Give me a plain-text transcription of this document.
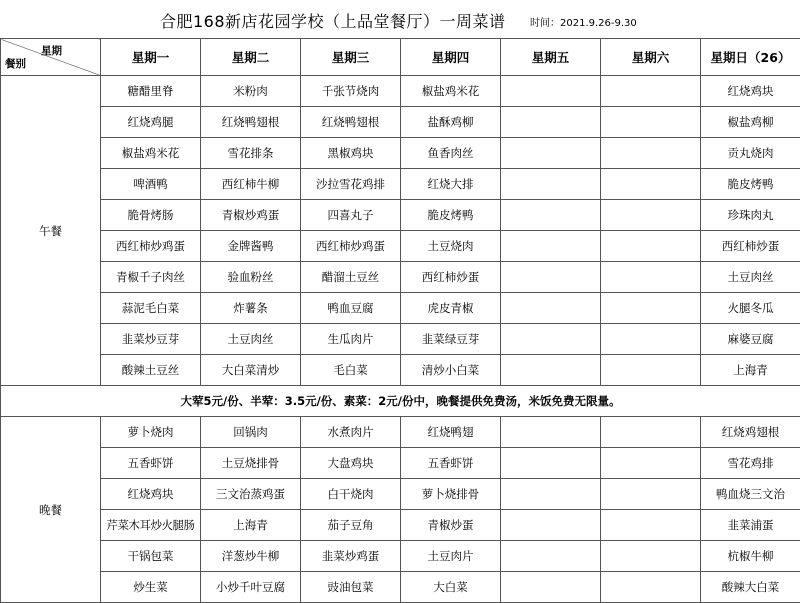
合肥168新店花园学校（上品堂餐厅）一周菜谱 时间：2021.9.26-9.30
星期
餐别	星期一	星期二	星期三	星期四	星期五	星期六	星期日（26）
午餐	糖醋里脊	米粉肉	千张节烧肉	椒盐鸡米花			红烧鸡块
	红烧鸡腿	红烧鸭翅根	红烧鸭翅根	盐酥鸡柳			椒盐鸡柳
	椒盐鸡米花	雪花排条	黑椒鸡块	鱼香肉丝			贡丸烧肉
	啤酒鸭	西红柿牛柳	沙拉雪花鸡排	红烧大排			脆皮烤鸭
	脆骨烤肠	青椒炒鸡蛋	四喜丸子	脆皮烤鸭			珍珠肉丸
	西红柿炒鸡蛋	金牌酱鸭	西红柿炒鸡蛋	土豆烧肉			西红柿炒蛋
	青椒千子肉丝	验血粉丝	醋溜土豆丝	西红柿炒蛋			土豆肉丝
	蒜泥毛白菜	炸薯条	鸭血豆腐	虎皮青椒			火腿冬瓜
	韭菜炒豆芽	土豆肉丝	生瓜肉片	韭菜绿豆芽			麻婆豆腐
	酸辣土豆丝	大白菜清炒	毛白菜	清炒小白菜			上海青
大荤5元/份、半荤：3.5元/份、素菜：2元/份中，晚餐提供免费汤，米饭免费无限量。							
晚餐	萝卜烧肉	回锅肉	水煮肉片	红烧鸭翅			红烧鸡翅根
	五香虾饼	土豆烧排骨	大盘鸡块	五香虾饼			雪花鸡排
	红烧鸡块	三文治蒸鸡蛋	白干烧肉	萝卜烧排骨			鸭血烧三文治
	芹菜木耳炒火腿肠	上海青	茄子豆角	青椒炒蛋			韭菜浦蛋
	干锅包菜	洋葱炒牛柳	韭菜炒鸡蛋	土豆肉片			杭椒牛柳
	炒生菜	小炒千叶豆腐	豉油包菜	大白菜			酸辣大白菜
